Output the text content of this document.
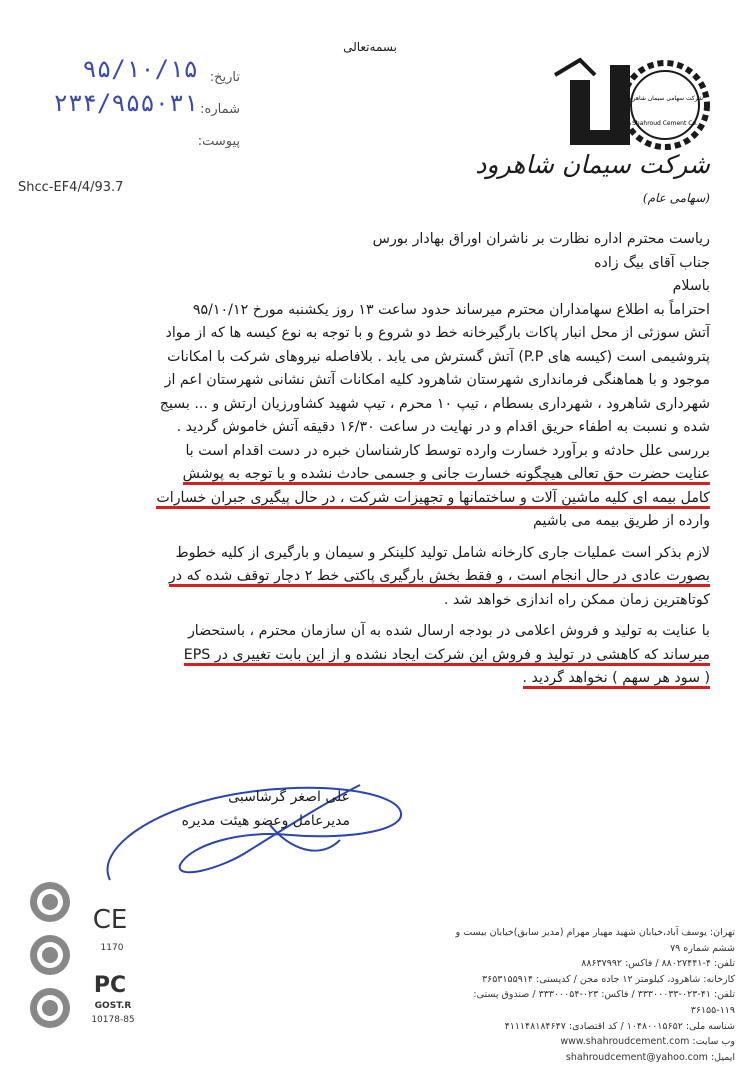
بسمه‌تعالی
تاریخ:
شماره:
پیوست:
۹۵/۱۰/۱۵
۲۳۴/۹۵۵۰۳۱	شرکت سهامی سیمان شاهرود
Shahroud Cement Co.
شرکت سیمان شاهرود (سهامی عام)
Shcc-EF4/4/93.7

ریاست محترم اداره نظارت بر ناشران اوراق بهادار بورس

جناب آقای بیگ زاده

باسلام

احتراماً به اطلاع سهامداران محترم میرساند حدود ساعت ۱۳ روز یکشنبه مورخ ۹۵/۱۰/۱۲

آتش سوزئی از محل انبار پاکات بارگیرخانه خط دو شروع و با توجه به نوع کیسه ها که از مواد

پتروشیمی است (کیسه های P.P) آتش گسترش می یابد . بلافاصله نیروهای شرکت با امکانات

موجود و با هماهنگی فرمانداری شهرستان شاهرود کلیه امکانات آتش نشانی شهرستان اعم از

شهرداری شاهرود ، شهرداری بسطام ، تیپ ۱۰ محرم ، تیپ شهید کشاورزیان ارتش و ... بسیج

شده و نسبت به اطفاء حریق اقدام و در نهایت در ساعت ۱۶/۳۰ دقیقه آتش خاموش گردید .

بررسی علل حادثه و برآورد خسارت وارده توسط کارشناسان خبره در دست اقدام است با

عنایت حضرت حق تعالی هیچگونه خسارت جانی و جسمی حادث نشده و با توجه به پوشش

کامل بیمه ای کلیه ماشین آلات و ساختمانها و تجهیزات شرکت ، در حال پیگیری جبران خسارات

وارده از طریق بیمه می باشیم

لازم بذکر است عملیات جاری کارخانه شامل تولید کلینکر و سیمان و بارگیری از کلیه خطوط

بصورت عادی در حال انجام است ، و فقط بخش بارگیری پاکتی خط ۲ دچار توقف شده که در

کوتاهترین زمان ممکن راه اندازی خواهد شد .

با عنایت به تولید و فروش اعلامی در بودجه ارسال شده به آن سازمان محترم ، باستحضار

میرساند که کاهشی در تولید و فروش این شرکت ایجاد نشده و از این بابت تغییری در EPS

( سود هر سهم ) نخواهد گردید .

علی اصغر گرشاسبی
مدیرعامل وعضو هیئت مدیره
CE
1170
PC
GOST.R
10178-85
تهران: یوسف آباد،خیابان شهید مهیار مهرام (مدیر سابق)خیابان بیست و ششم شماره ۷۹
تلفن: ۴-۸۸۰۲۷۴۴۱ / فاکس: ۸۸۶۳۷۹۹۲
کارخانه: شاهرود، کیلومتر ۱۲ جاده مجن / کدپستی: ۳۶۵۳۱۵۵۹۱۴
تلفن: ۴۱-۰۲۳-۳۳۳۰۰۰۳۳ / فاکس: ۰۲۳-۳۳۳۰۰۰۵۴ / صندوق پستی: ۱۱۹-۳۶۱۵۵
شناسه ملی: ۱۰۴۸۰۰۱۵۶۵۲ / کد اقتصادی: ۴۱۱۱۴۸۱۸۴۶۴۷
وب سایت: www.shahroudcement.com
ایمیل: shahroudcement@yahoo.com
